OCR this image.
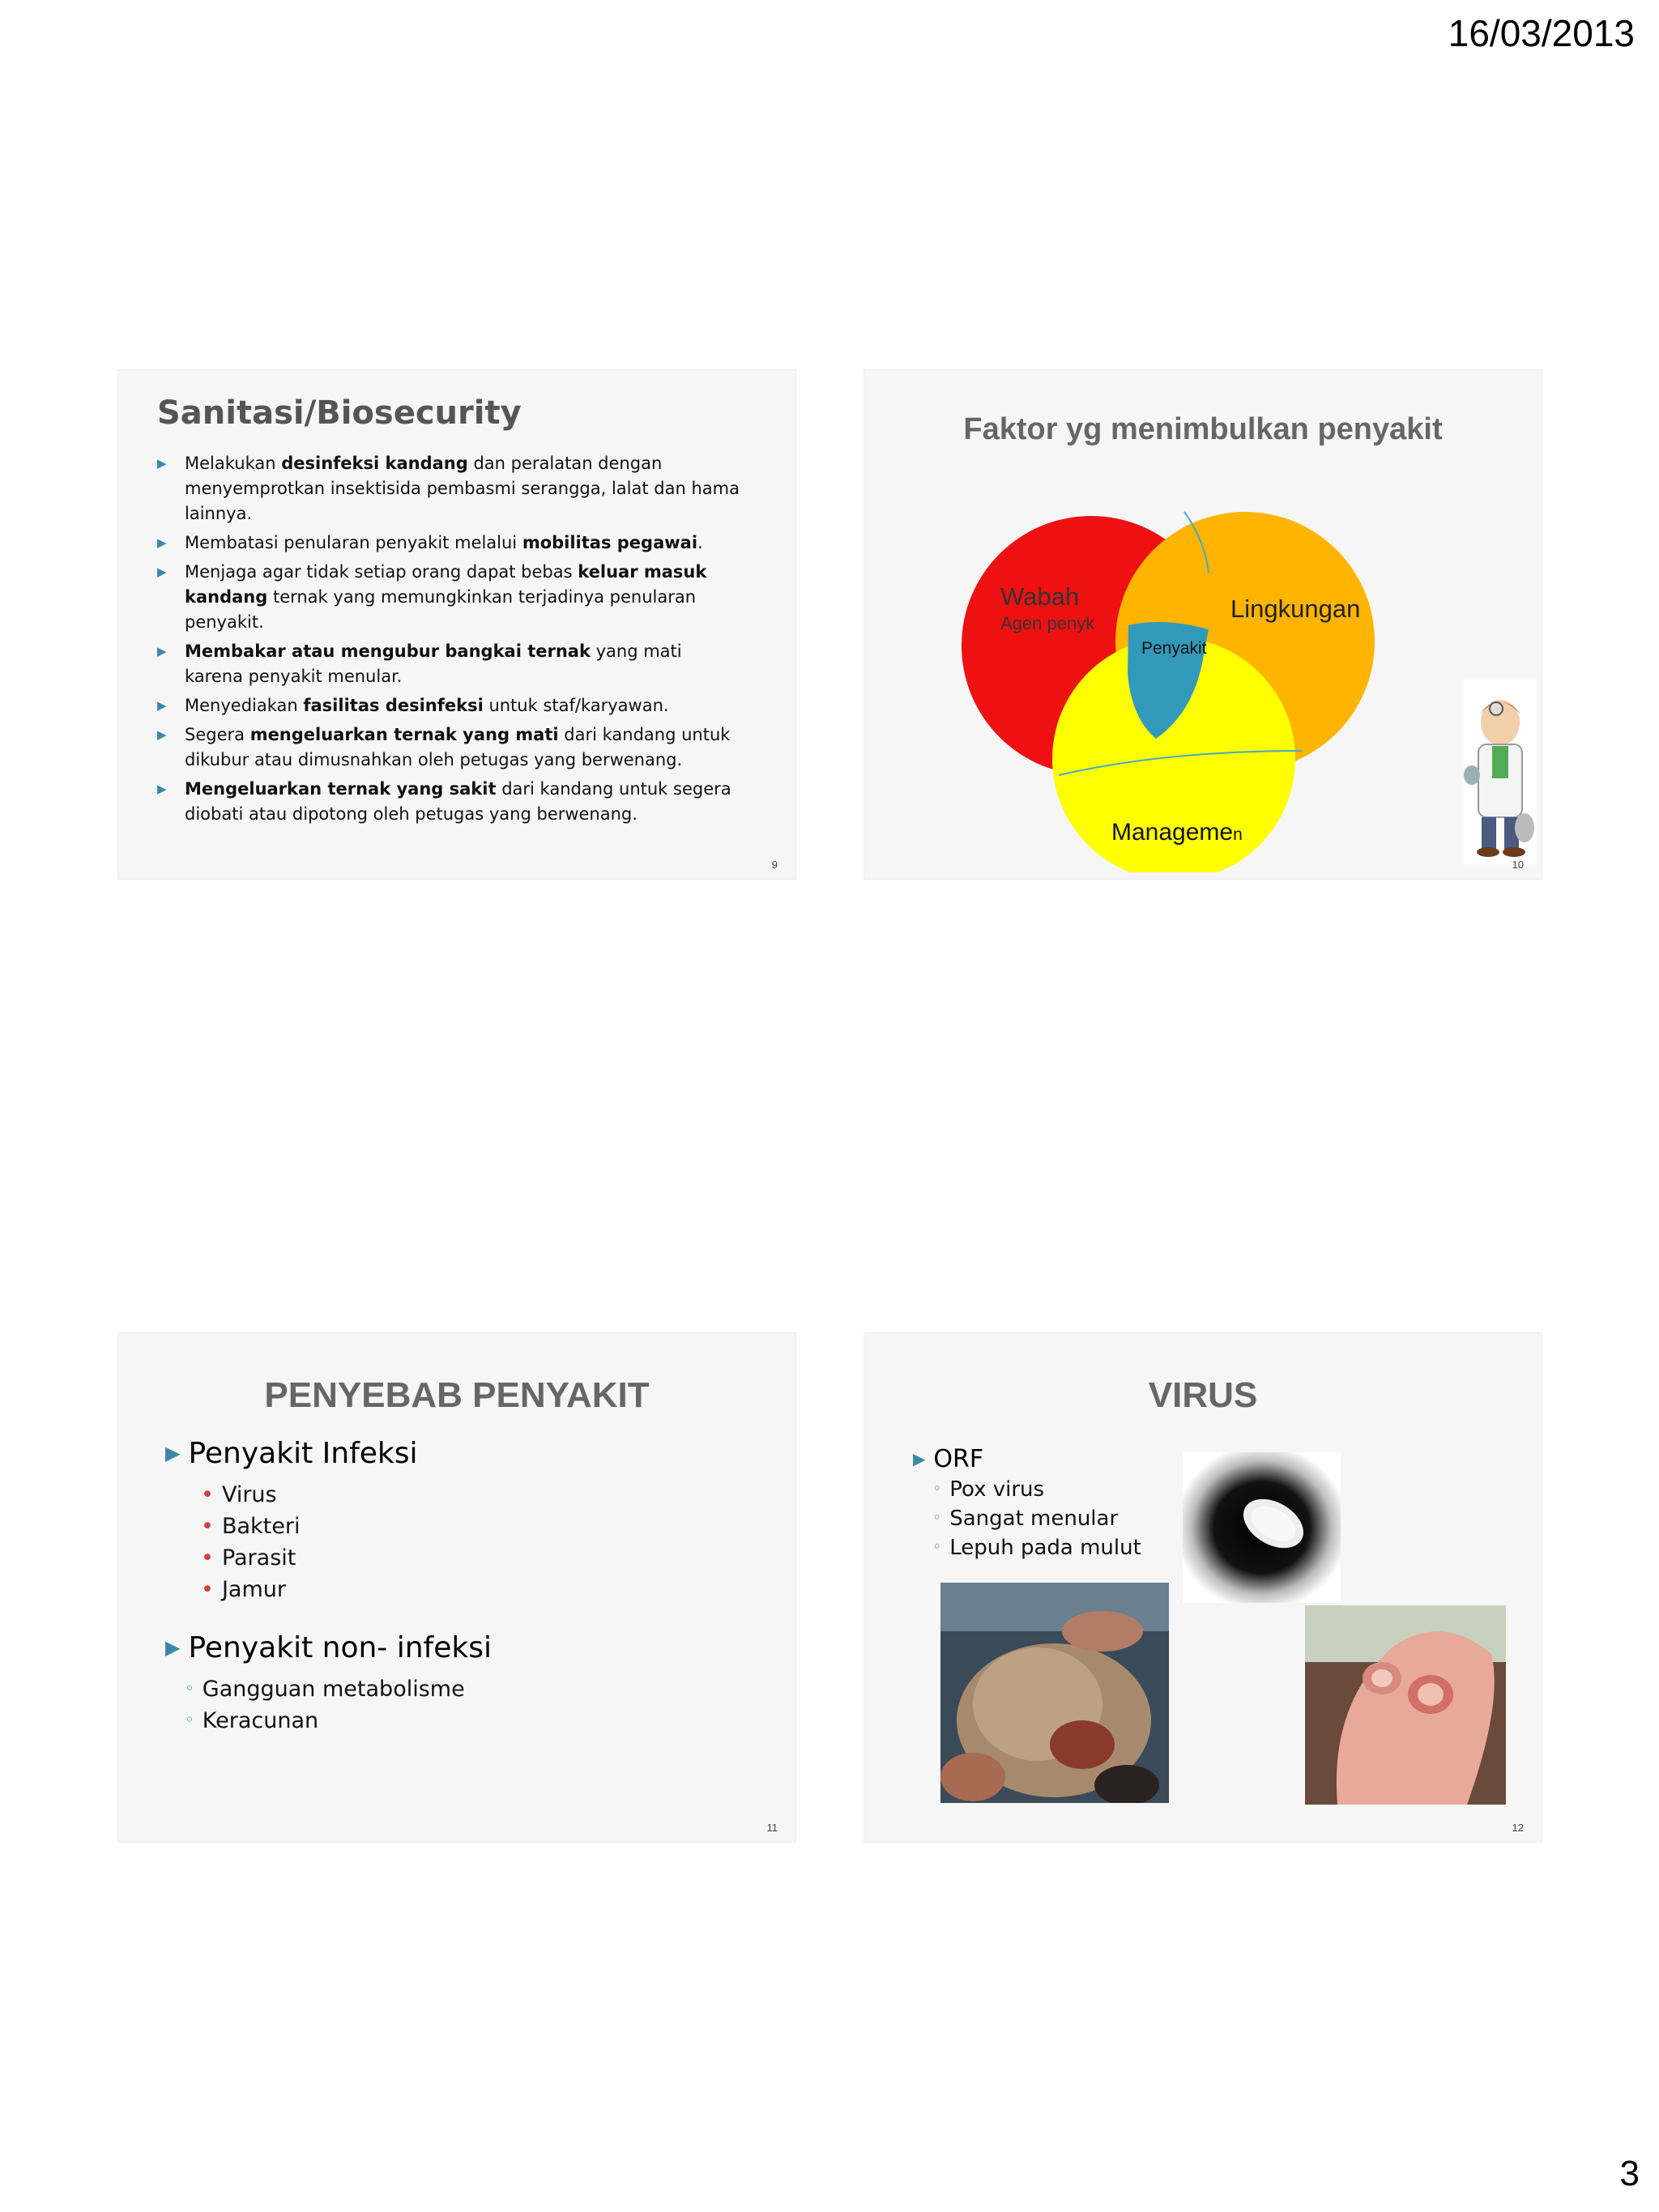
16/03/2013
Sanitasi/Biosecurity
▶ Melakukan desinfeksi kandang dan peralatan dengan menyemprotkan insektisida pembasmi serangga, lalat dan hama lainnya.
▶ Membatasi penularan penyakit melalui mobilitas pegawai.
▶ Menjaga agar tidak setiap orang dapat bebas keluar masuk kandang ternak yang memungkinkan terjadinya penularan penyakit.
▶ Membakar atau mengubur bangkai ternak yang mati karena penyakit menular.
▶ Menyediakan fasilitas desinfeksi untuk staf/karyawan.
▶ Segera mengeluarkan ternak yang mati dari kandang untuk dikubur atau dimusnahkan oleh petugas yang berwenang.
▶ Mengeluarkan ternak yang sakit dari kandang untuk segera diobati atau dipotong oleh petugas yang berwenang.
9
Faktor yg menimbulkan penyakit
Wabah
Agen penyk
Lingkungan
Penyakit
Managemen
10
PENYEBAB PENYAKIT
▶ Penyakit Infeksi
• Virus
• Bakteri
• Parasit
• Jamur
▶ Penyakit non- infeksi
◦ Gangguan metabolisme
◦ Keracunan
11
VIRUS
▶ ORF
◦ Pox virus
◦ Sangat menular
◦ Lepuh pada mulut
12
3
